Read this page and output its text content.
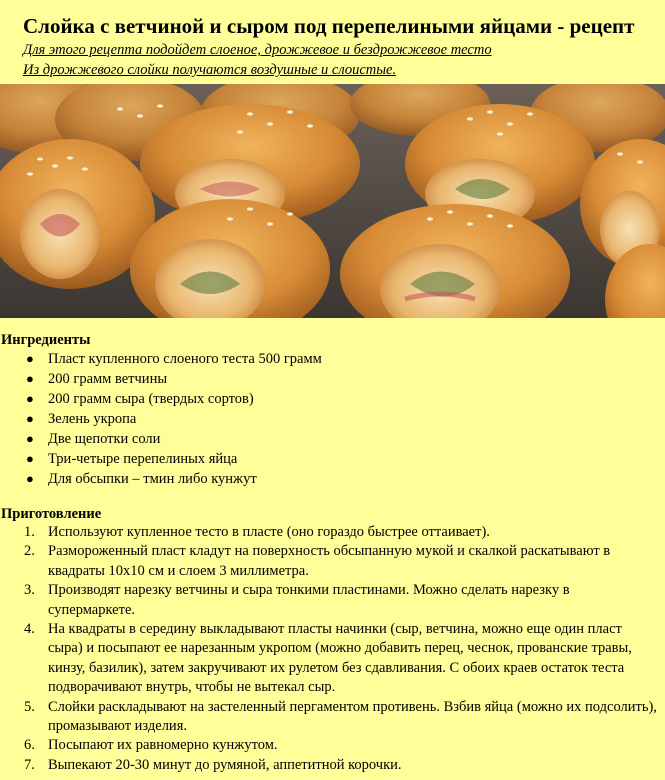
Слойка с ветчиной и сыром под перепелиными яйцами - рецепт

Для этого рецепта подойдет слоеное, дрожжевое и бездрожжевое тесто

Из дрожжевого слойки получаются воздушные и слоистые.

Ингредиенты
● Пласт купленного слоеного теста 500 грамм
● 200 грамм ветчины
● 200 грамм сыра (твердых сортов)
● Зелень укропа
● Две щепотки соли
● Три-четыре перепелиных яйца
● Для обсыпки – тмин либо кунжут
Приготовление
1. Используют купленное тесто в пласте (оно гораздо быстрее оттаивает).
2. Размороженный пласт кладут на поверхность обсыпанную мукой и скалкой раскатывают в квадраты 10х10 см и слоем 3 миллиметра.
3. Производят нарезку ветчины и сыра тонкими пластинами. Можно сделать нарезку в супермаркете.
4. На квадраты в середину выкладывают пласты начинки (сыр, ветчина, можно еще один пласт сыра) и посыпают ее нарезанным укропом (можно добавить перец, чеснок, прованские травы, кинзу, базилик), затем закручивают их рулетом без сдавливания. С обоих краев остаток теста подворачивают внутрь, чтобы не вытекал сыр.
5. Слойки раскладывают на застеленный пергаментом противень. Взбив яйца (можно их подсолить), промазывают изделия.
6. Посыпают их равномерно кунжутом.
7. Выпекают 20-30 минут до румяной, аппетитной корочки.
